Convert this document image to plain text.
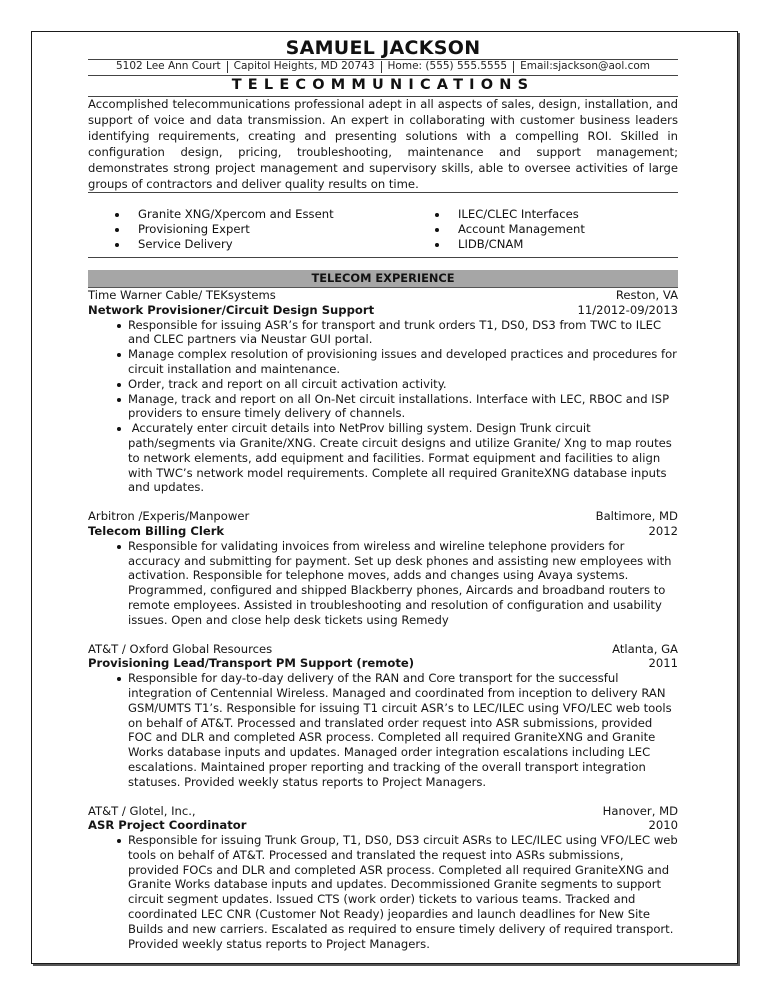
SAMUEL JACKSON
5102 Lee Ann Court Capitol Heights, MD 20743 Home: (555) 555.5555 Email:sjackson@aol.com
TELECOMMUNICATIONS
Accomplished telecommunications professional adept in all aspects of sales, design, installation, and support of voice and data transmission. An expert in collaborating with customer business leaders identifying requirements, creating and presenting solutions with a compelling ROI. Skilled in configuration design, pricing, troubleshooting, maintenance and support management; demonstrates strong project management and supervisory skills, able to oversee activities of large groups of contractors and deliver quality results on time.
Granite XNG/Xpercom and Essent
Provisioning Expert
Service Delivery
ILEC/CLEC Interfaces
Account Management
LIDB/CNAM
TELECOM EXPERIENCE
Time Warner Cable/ TEKsystems	Reston, VA
Network Provisioner/Circuit Design Support	11/2012-09/2013
Responsible for issuing ASR’s for transport and trunk orders T1, DS0, DS3 from TWC to ILEC and CLEC partners via Neustar GUI portal.
Manage complex resolution of provisioning issues and developed practices and procedures for circuit installation and maintenance.
Order, track and report on all circuit activation activity.
Manage, track and report on all On-Net circuit installations. Interface with LEC, RBOC and ISP providers to ensure timely delivery of channels.
Accurately enter circuit details into NetProv billing system. Design Trunk circuit path/segments via Granite/XNG. Create circuit designs and utilize Granite/ Xng to map routes to network elements, add equipment and facilities. Format equipment and facilities to align with TWC’s network model requirements. Complete all required GraniteXNG database inputs and updates.
Arbitron /Experis/Manpower	Baltimore, MD
Telecom Billing Clerk	2012
Responsible for validating invoices from wireless and wireline telephone providers for accuracy and submitting for payment. Set up desk phones and assisting new employees with activation. Responsible for telephone moves, adds and changes using Avaya systems. Programmed, configured and shipped Blackberry phones, Aircards and broadband routers to remote employees. Assisted in troubleshooting and resolution of configuration and usability issues. Open and close help desk tickets using Remedy
AT&T / Oxford Global Resources	Atlanta, GA
Provisioning Lead/Transport PM Support (remote)	2011
Responsible for day-to-day delivery of the RAN and Core transport for the successful integration of Centennial Wireless. Managed and coordinated from inception to delivery RAN GSM/UMTS T1’s. Responsible for issuing T1 circuit ASR’s to LEC/ILEC using VFO/LEC web tools on behalf of AT&T. Processed and translated order request into ASR submissions, provided FOC and DLR and completed ASR process. Completed all required GraniteXNG and Granite Works database inputs and updates. Managed order integration escalations including LEC escalations. Maintained proper reporting and tracking of the overall transport integration statuses. Provided weekly status reports to Project Managers.
AT&T / Glotel, Inc.,	Hanover, MD
ASR Project Coordinator	2010
Responsible for issuing Trunk Group, T1, DS0, DS3 circuit ASRs to LEC/ILEC using VFO/LEC web tools on behalf of AT&T. Processed and translated the request into ASRs submissions, provided FOCs and DLR and completed ASR process. Completed all required GraniteXNG and Granite Works database inputs and updates. Decommissioned Granite segments to support circuit segment updates. Issued CTS (work order) tickets to various teams. Tracked and coordinated LEC CNR (Customer Not Ready) jeopardies and launch deadlines for New Site Builds and new carriers. Escalated as required to ensure timely delivery of required transport. Provided weekly status reports to Project Managers.
